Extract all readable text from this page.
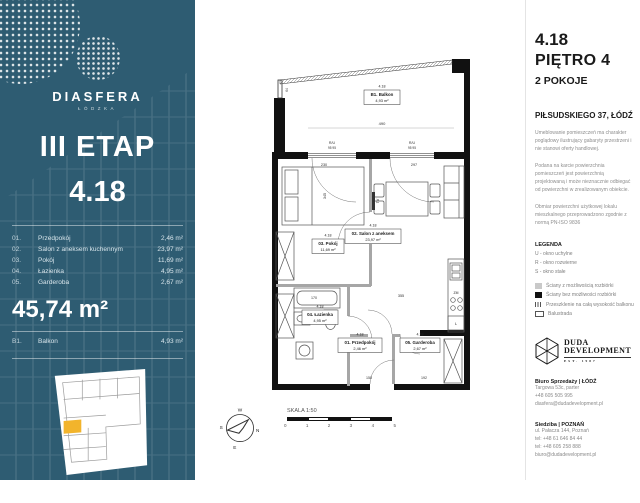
DIASFERA
ŁÓDZKA
III ETAP
4.18
01.	Przedpokój	2,46 m²
02.	Salon z aneksem kuchennym	23,97 m²
03.	Pokój	11,69 m²
04.	Łazienka	4,95 m²
05.	Garderoba	2,67 m²
45,74 m²
B1.	Balkon	4,93 m²
WWW.DIASFERA.PL
TV
ZM
L
490
230	297
345
355
170
155	192
64
R/U
95 95
R/U
95 95
4.18
B1. Balkon
4,93 m²
4.18
03. Pokój
11,69 m²
4.18
02. Salon z aneksem
23,97 m²
4.18
04. Łazienka
4,95 m²
4.18
01. Przedpokój
2,46 m²
4.18
05. Garderoba
2,67 m²
W
N
E
S
SKALA 1:50
0	1	2	3	4	5
4.18
PIĘTRO 4
2 POKOJE
PIŁSUDSKIEGO 37, ŁÓDŹ

Umeblowanie pomieszczeń ma charakter poglądowy ilustrujący gabaryty przestrzeni i nie stanowi oferty handlowej.

Podana na karcie powierzchnia pomieszczeń jest powierzchnią projektowaną i może nieznacznie odbiegać od powierzchni w zrealizowanym obiekcie.

Obmiar powierzchni użytkowej lokalu mieszkalnego przeprowadzono zgodnie z normą PN-ISO 9836

LEGENDA
U - okno uchylne
R - okno rozwierne
S - okno stałe
Ściany z możliwością rozbiórki
Ściany bez możliwości rozbiórki
Przeszklenie na całą wysokość balkonu
Balustrada
DUDA
DEVELOPMENT
EST. 1987
Biuro Sprzedaży | ŁÓDŹ
Targowa 53c, parter
+48 605 505 995
diasfera@dudadevelopment.pl
Siedziba | POZNAŃ
ul. Pałacza 144, Poznań
tel: +48 61 646 84 44
tel: +48 605 258 888
biuro@dudadevelopment.pl
